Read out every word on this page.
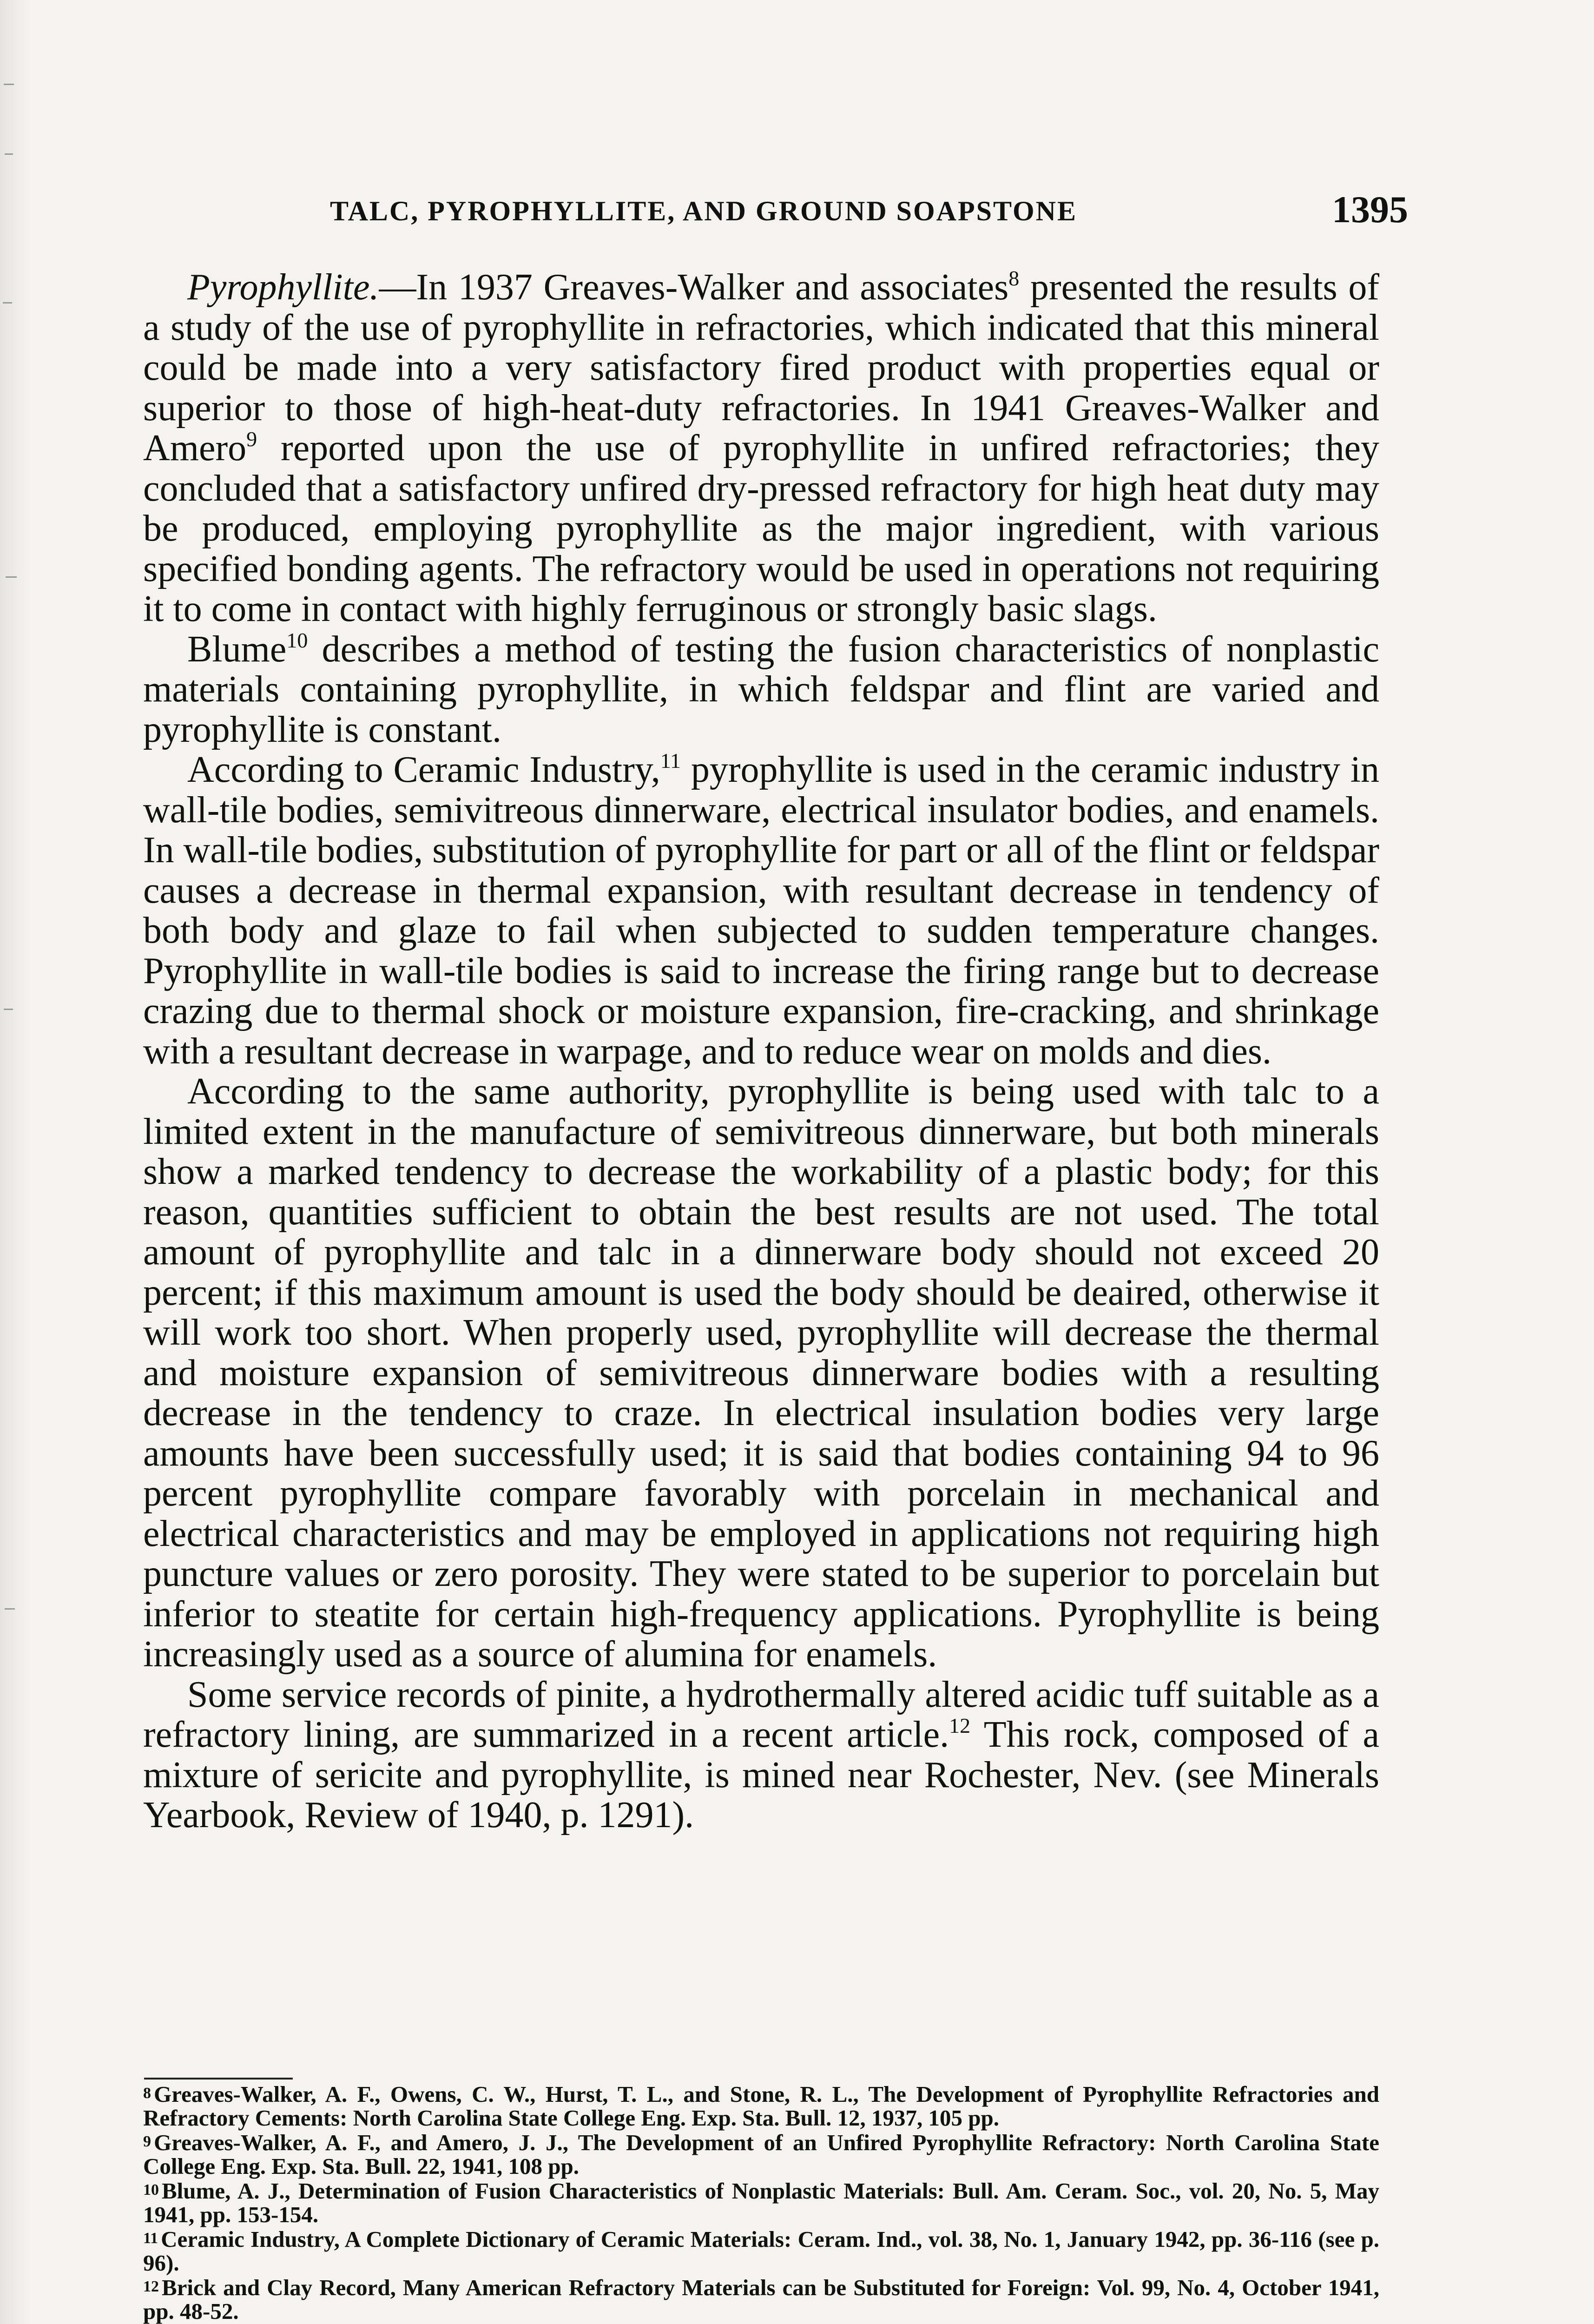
TALC, PYROPHYLLITE, AND GROUND SOAPSTONE	1395

Pyrophyllite.—In 1937 Greaves-Walker and associates$^8$ presented the results of a study of the use of pyrophyllite in refractories, which indicated that this mineral could be made into a very satisfactory fired product with properties equal or superior to those of high-heat-duty refractories. In 1941 Greaves-Walker and Amero$^9$ reported upon the use of pyrophyllite in unfired refractories; they concluded that a satisfactory unfired dry-pressed refractory for high heat duty may be produced, employing pyrophyllite as the major ingredient, with various specified bonding agents. The refractory would be used in operations not requiring it to come in contact with highly ferruginous or strongly basic slags.

Blume$^{10}$ describes a method of testing the fusion characteristics of nonplastic materials containing pyrophyllite, in which feldspar and flint are varied and pyrophyllite is constant.

According to Ceramic Industry,$^{11}$ pyrophyllite is used in the ceramic industry in wall-tile bodies, semivitreous dinnerware, electrical insulator bodies, and enamels. In wall-tile bodies, substitution of pyrophyllite for part or all of the flint or feldspar causes a decrease in thermal expansion, with resultant decrease in tendency of both body and glaze to fail when subjected to sudden temperature changes. Pyrophyllite in wall-tile bodies is said to increase the firing range but to decrease crazing due to thermal shock or moisture expansion, fire-cracking, and shrinkage with a resultant decrease in warpage, and to reduce wear on molds and dies.

According to the same authority, pyrophyllite is being used with talc to a limited extent in the manufacture of semivitreous dinnerware, but both minerals show a marked tendency to decrease the workability of a plastic body; for this reason, quantities sufficient to obtain the best results are not used. The total amount of pyrophyllite and talc in a dinnerware body should not exceed 20 percent; if this maximum amount is used the body should be deaired, otherwise it will work too short. When properly used, pyrophyllite will decrease the thermal and moisture expansion of semivitreous dinnerware bodies with a resulting decrease in the tendency to craze. In electrical insulation bodies very large amounts have been successfully used; it is said that bodies containing 94 to 96 percent pyrophyllite compare favorably with porcelain in mechanical and electrical characteristics and may be employed in applications not requiring high puncture values or zero porosity. They were stated to be superior to porcelain but inferior to steatite for certain high-frequency applications. Pyrophyllite is being increasingly used as a source of alumina for enamels.

Some service records of pinite, a hydrothermally altered acidic tuff suitable as a refractory lining, are summarized in a recent article.$^{12}$ This rock, composed of a mixture of sericite and pyrophyllite, is mined near Rochester, Nev. (see Minerals Yearbook, Review of 1940, p. 1291).

8 Greaves-Walker, A. F., Owens, C. W., Hurst, T. L., and Stone, R. L., The Development of Pyrophyllite Refractories and Refractory Cements: North Carolina State College Eng. Exp. Sta. Bull. 12, 1937, 105 pp.

9 Greaves-Walker, A. F., and Amero, J. J., The Development of an Unfired Pyrophyllite Refractory: North Carolina State College Eng. Exp. Sta. Bull. 22, 1941, 108 pp.

10 Blume, A. J., Determination of Fusion Characteristics of Nonplastic Materials: Bull. Am. Ceram. Soc., vol. 20, No. 5, May 1941, pp. 153-154.

11 Ceramic Industry, A Complete Dictionary of Ceramic Materials: Ceram. Ind., vol. 38, No. 1, January 1942, pp. 36-116 (see p. 96).

12 Brick and Clay Record, Many American Refractory Materials can be Substituted for Foreign: Vol. 99, No. 4, October 1941, pp. 48-52.
